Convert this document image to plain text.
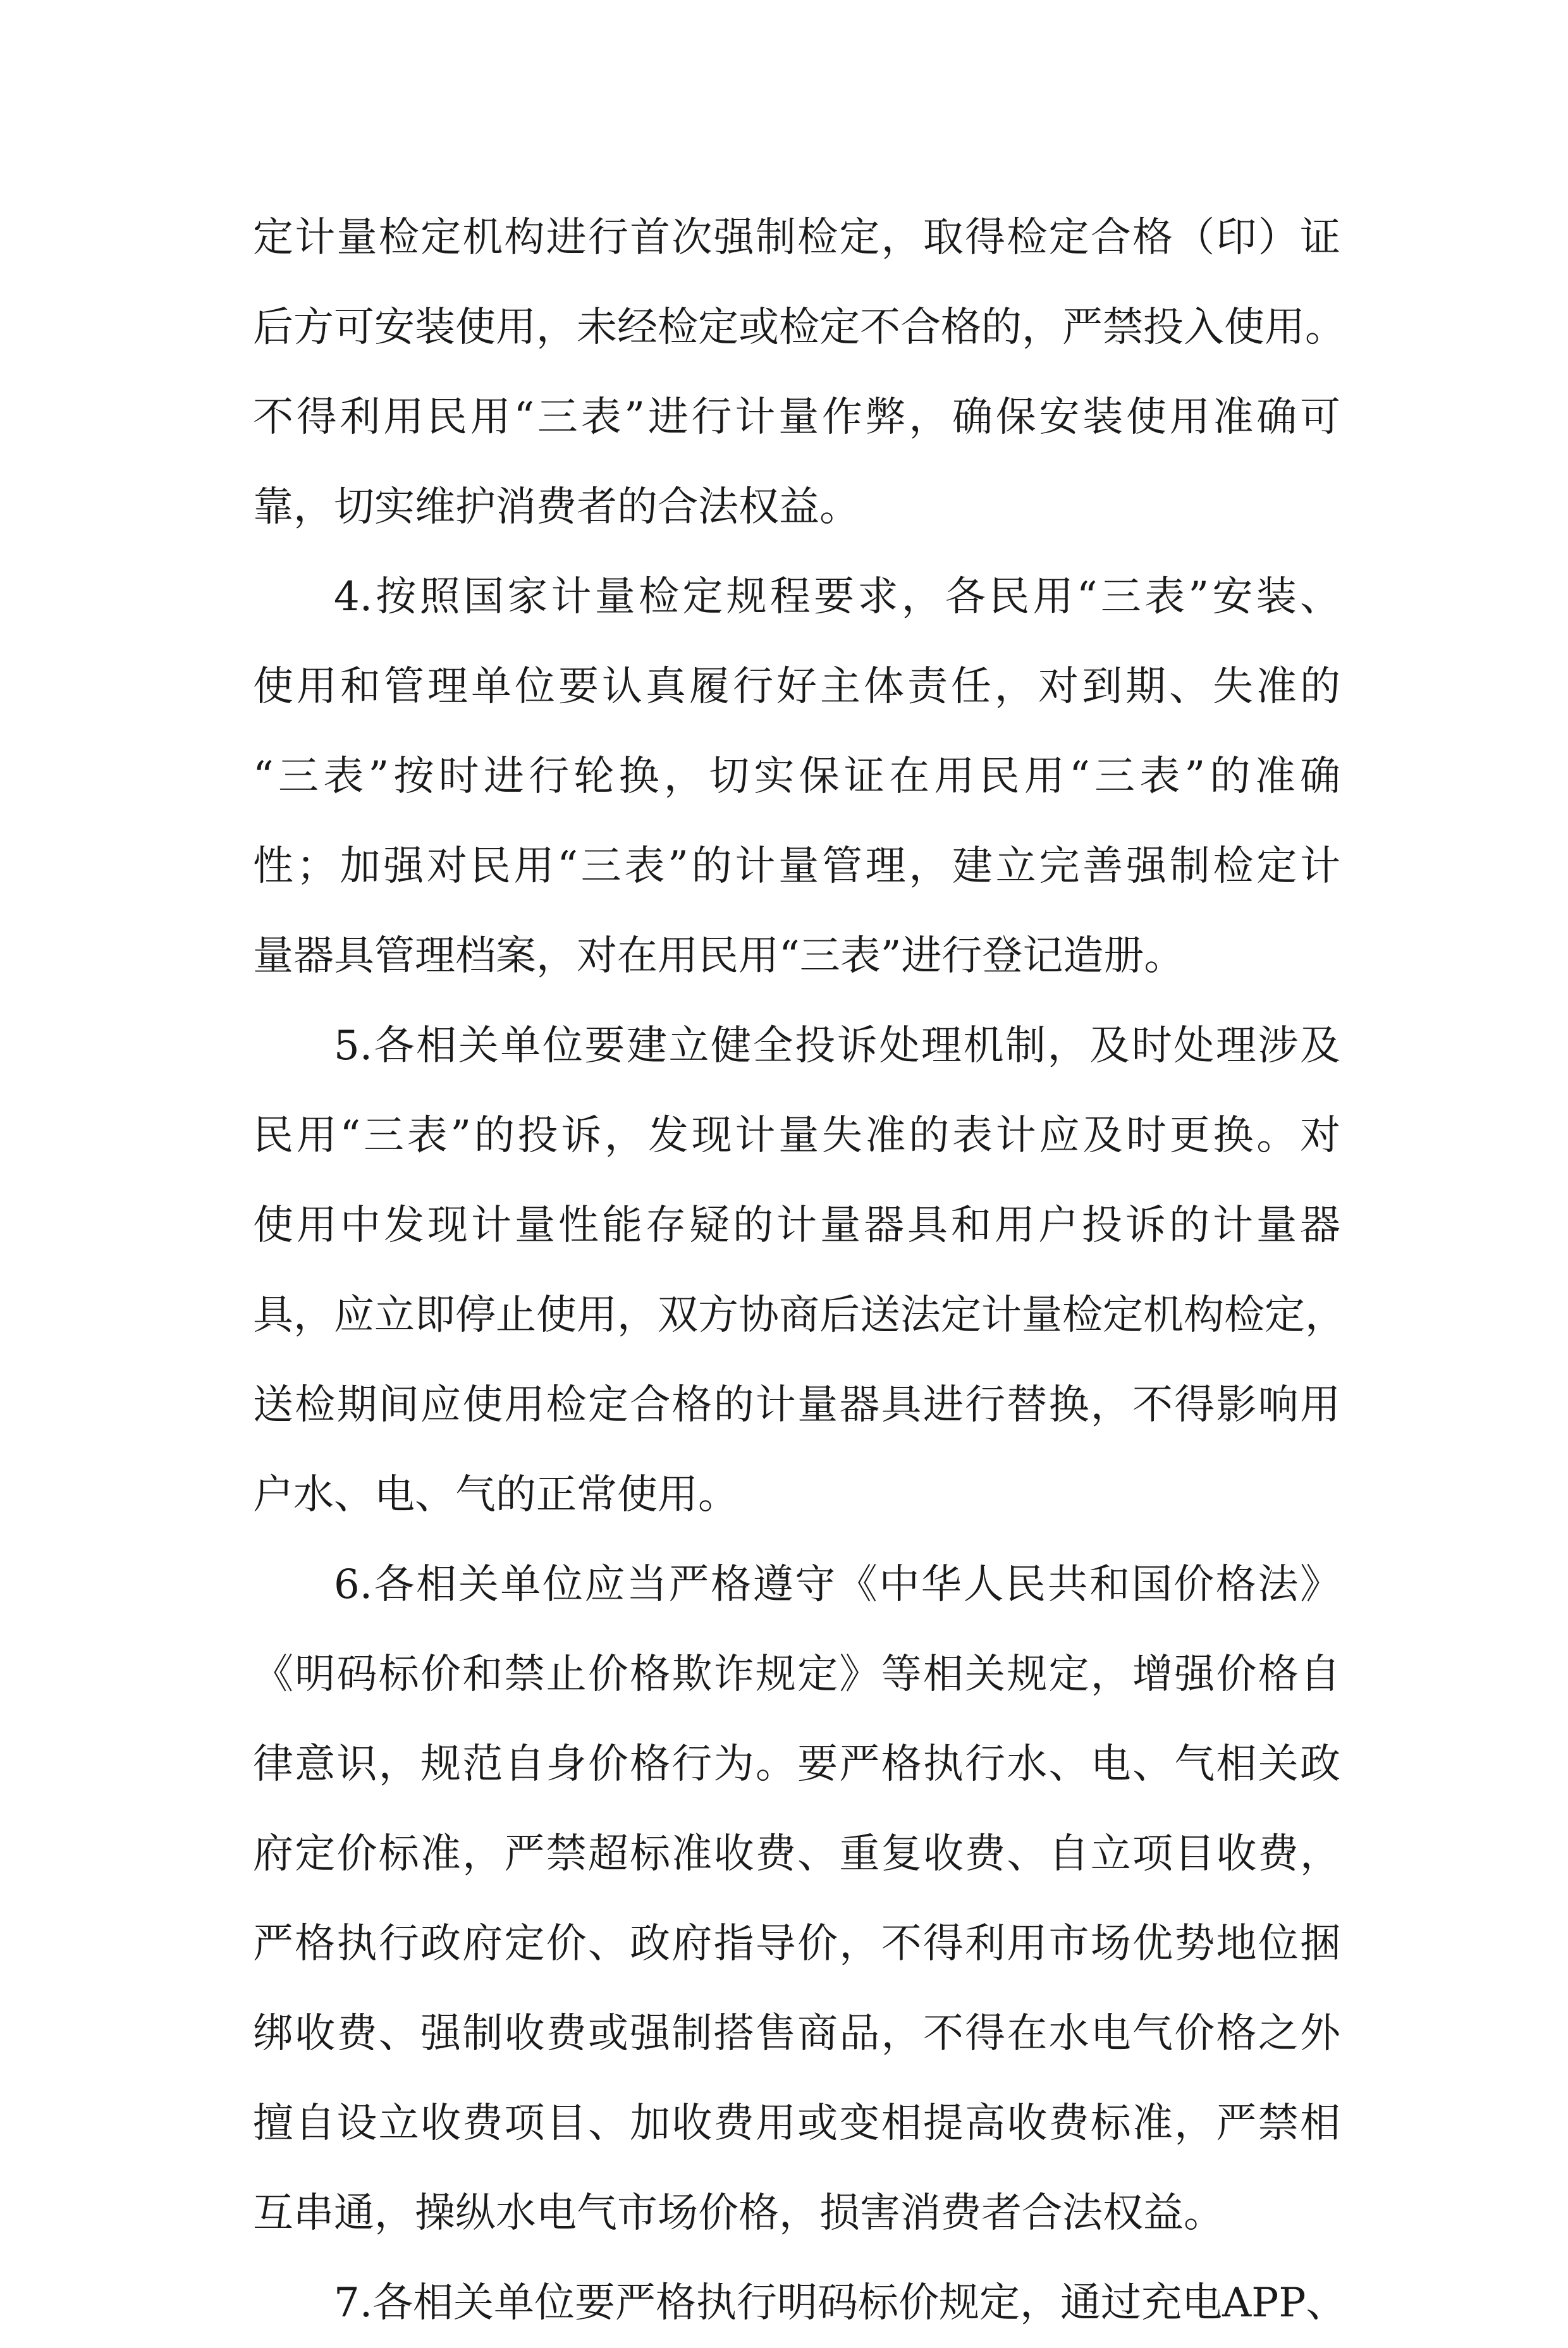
定计量检定机构进行首次强制检定，取得检定合格（印）证
后方可安装使用，未经检定或检定不合格的，严禁投入使用。
不得利用民用“三表”进行计量作弊，确保安装使用准确可
靠，切实维护消费者的合法权益。
4.按照国家计量检定规程要求，各民用“三表”安装、
使用和管理单位要认真履行好主体责任，对到期、失准的
“三表”按时进行轮换，切实保证在用民用“三表”的准确
性；加强对民用“三表”的计量管理，建立完善强制检定计
量器具管理档案，对在用民用“三表”进行登记造册。
5.各相关单位要建立健全投诉处理机制，及时处理涉及
民用“三表”的投诉，发现计量失准的表计应及时更换。对
使用中发现计量性能存疑的计量器具和用户投诉的计量器
具，应立即停止使用，双方协商后送法定计量检定机构检定，
送检期间应使用检定合格的计量器具进行替换，不得影响用
户水、电、气的正常使用。
6.各相关单位应当严格遵守《中华人民共和国价格法》
《明码标价和禁止价格欺诈规定》等相关规定，增强价格自
律意识，规范自身价格行为。要严格执行水、电、气相关政
府定价标准，严禁超标准收费、重复收费、自立项目收费，
严格执行政府定价、政府指导价，不得利用市场优势地位捆
绑收费、强制收费或强制搭售商品，不得在水电气价格之外
擅自设立收费项目、加收费用或变相提高收费标准，严禁相
互串通，操纵水电气市场价格，损害消费者合法权益。
7.各相关单位要严格执行明码标价规定，通过充电APP、
